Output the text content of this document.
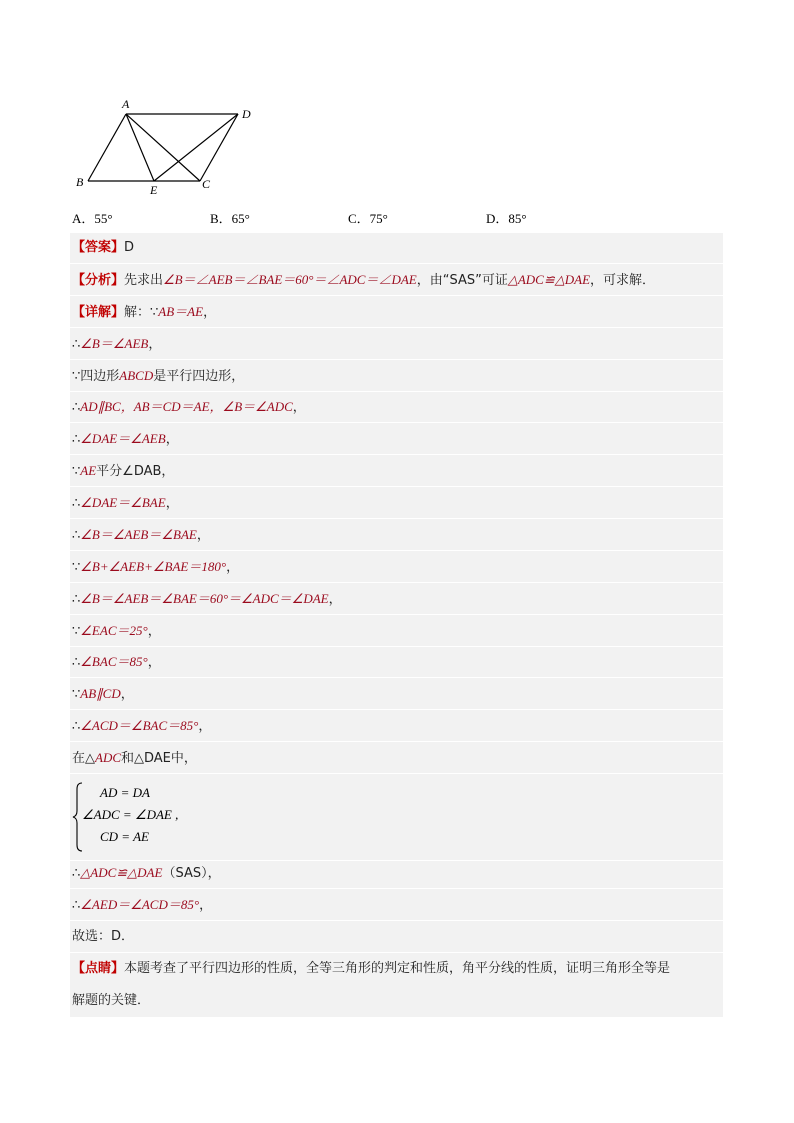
A
D
B
E	C
A．55°	B．65°	C．75°	D．85°
【答案】D
【分析】先求出∠B＝∠AEB＝∠BAE＝60°＝∠ADC＝∠DAE，由“SAS”可证△ADC≌△DAE，可求解．
【详解】解：∵AB＝AE，
∴∠B＝∠AEB，
∵四边形ABCD是平行四边形，
∴AD∥BC，AB＝CD＝AE，∠B＝∠ADC，
∴∠DAE＝∠AEB，
∵AE平分∠DAB，
∴∠DAE＝∠BAE，
∴∠B＝∠AEB＝∠BAE，
∵∠B+∠AEB+∠BAE＝180°，
∴∠B＝∠AEB＝∠BAE＝60°＝∠ADC＝∠DAE，
∵∠EAC＝25°，
∴∠BAC＝85°，
∵AB∥CD，
∴∠ACD＝∠BAC＝85°，
在△ADC和△DAE中，
AD = DA
∠ADC = ∠DAE ,
CD = AE
∴△ADC≌△DAE（SAS），
∴∠AED＝∠ACD＝85°，
故选：D．
【点睛】本题考查了平行四边形的性质，全等三角形的判定和性质，角平分线的性质，证明三角形全等是
解题的关键．
